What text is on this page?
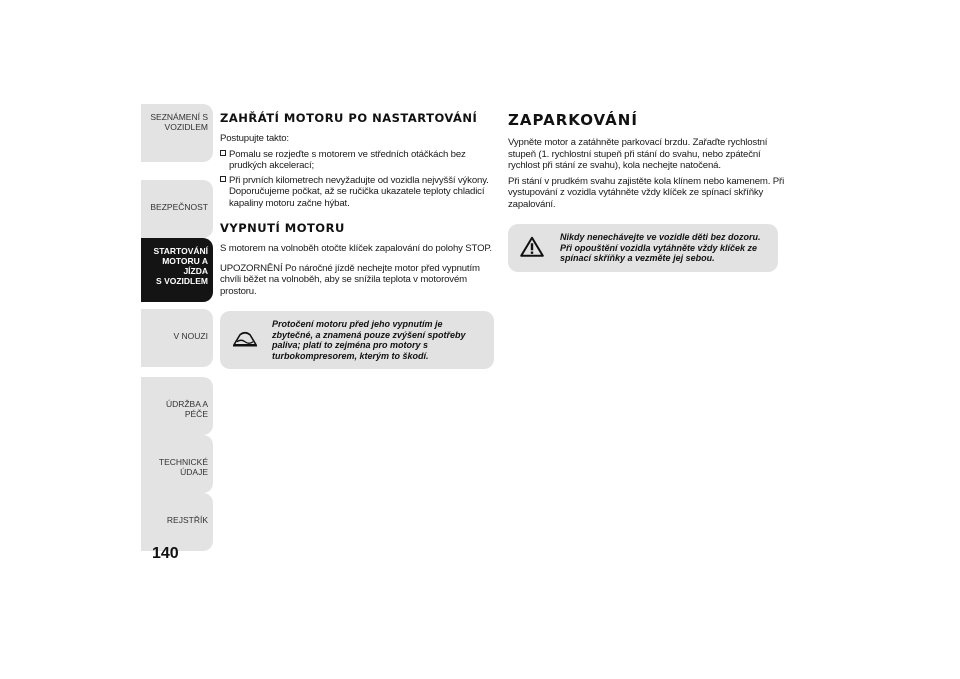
SEZNÁMENÍ S
VOZIDLEM
BEZPEČNOST
STARTOVÁNÍ
MOTORU A JÍZDA
S VOZIDLEM
V NOUZI
ÚDRŽBA A PÉČE
TECHNICKÉ ÚDAJE
REJSTŘÍK
140
ZAHŘÁTÍ MOTORU PO NASTARTOVÁNÍ

Postupujte takto:

Pomalu se rozjeďte s motorem ve středních otáčkách bez prudkých akcelerací;
Při prvních kilometrech nevyžadujte od vozidla nejvyšší výkony. Doporučujeme počkat, až se ručička ukazatele teploty chladicí kapaliny motoru začne hýbat.
VYPNUTÍ MOTORU

S motorem na volnoběh otočte klíček zapalování do polohy STOP.

UPOZORNĚNÍ Po náročné jízdě nechejte motor před vypnutím chvíli běžet na volnoběh, aby se snížila teplota v motorovém prostoru.

Protočení motoru před jeho vypnutím je zbytečné, a znamená pouze zvýšení spotřeby paliva; platí to zejména pro motory s turbokompresorem, kterým to škodí.
ZAPARKOVÁNÍ

Vypněte motor a zatáhněte parkovací brzdu. Zařaďte rychlostní stupeň (1. rychlostní stupeň při stání do svahu, nebo zpáteční rychlost při stání ze svahu), kola nechejte natočená.

Při stání v prudkém svahu zajistěte kola klínem nebo kamenem. Při vystupování z vozidla vytáhněte vždy klíček ze spínací skříňky zapalování.

Nikdy nenechávejte ve vozidle děti bez dozoru. Při opouštění vozidla vytáhněte vždy klíček ze spínací skříňky a vezměte jej sebou.
